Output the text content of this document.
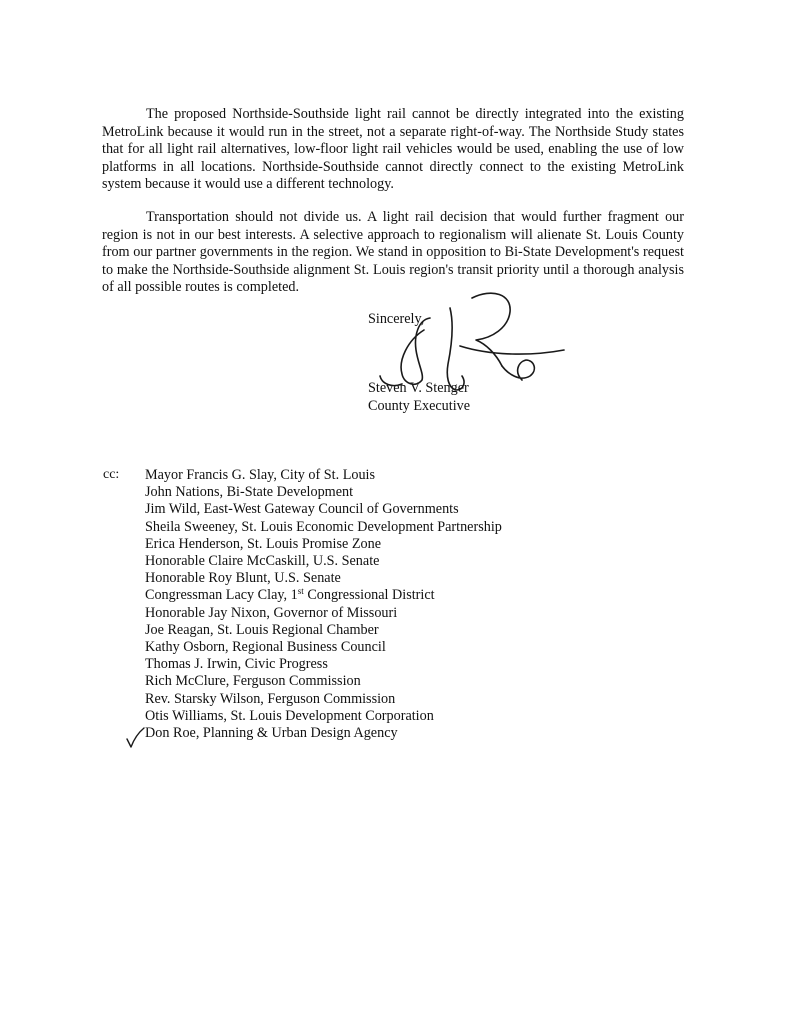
The proposed Northside-Southside light rail cannot be directly integrated into the existing MetroLink because it would run in the street, not a separate right-of-way. The Northside Study states that for all light rail alternatives, low-floor light rail vehicles would be used, enabling the use of low platforms in all locations. Northside-Southside cannot directly connect to the existing MetroLink system because it would use a different technology.

Transportation should not divide us. A light rail decision that would further fragment our region is not in our best interests. A selective approach to regionalism will alienate St. Louis County from our partner governments in the region. We stand in opposition to Bi-State Development's request to make the Northside-Southside alignment St. Louis region's transit priority until a thorough analysis of all possible routes is completed.

Sincerely,
Steven V. Stenger
County Executive
cc: Mayor Francis G. Slay, City of St. Louis
John Nations, Bi-State Development
Jim Wild, East-West Gateway Council of Governments
Sheila Sweeney, St. Louis Economic Development Partnership
Erica Henderson, St. Louis Promise Zone
Honorable Claire McCaskill, U.S. Senate
Honorable Roy Blunt, U.S. Senate
Congressman Lacy Clay, 1st Congressional District
Honorable Jay Nixon, Governor of Missouri
Joe Reagan, St. Louis Regional Chamber
Kathy Osborn, Regional Business Council
Thomas J. Irwin, Civic Progress
Rich McClure, Ferguson Commission
Rev. Starsky Wilson, Ferguson Commission
Otis Williams, St. Louis Development Corporation
Don Roe, Planning & Urban Design Agency
